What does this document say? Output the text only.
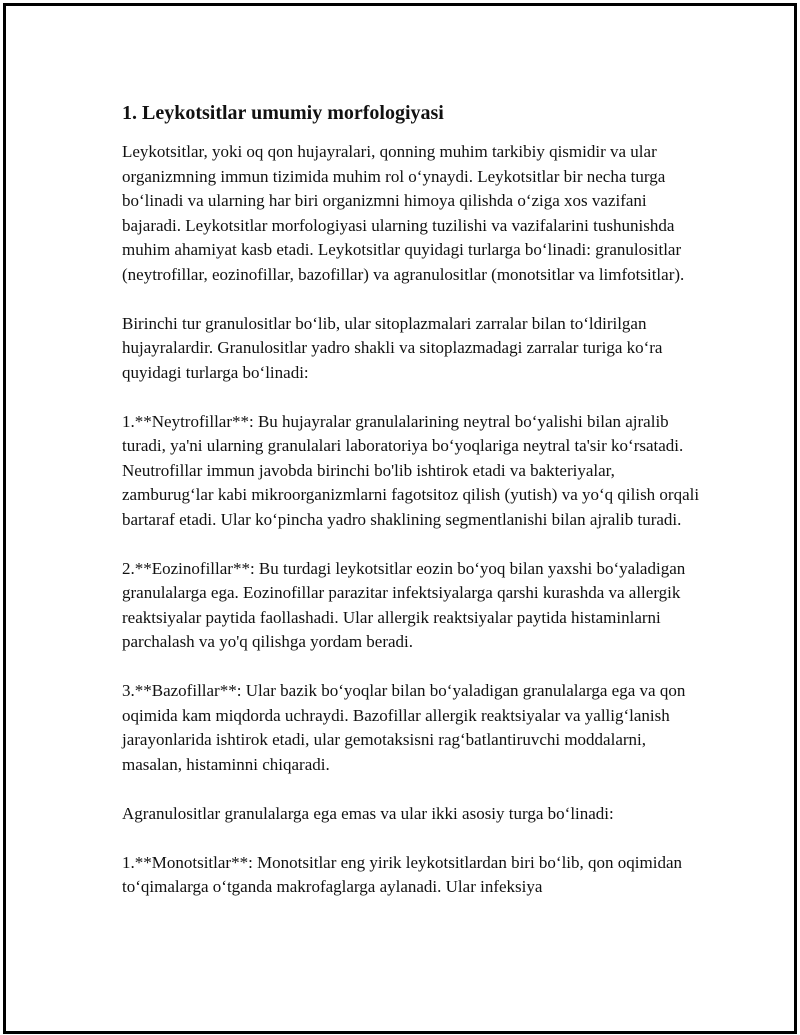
1. Leykotsitlar umumiy morfologiyasi

Leykotsitlar, yoki oq qon hujayralari, qonning muhim tarkibiy qismidir va ular organizmning immun tizimida muhim rol oʻynaydi. Leykotsitlar bir necha turga boʻlinadi va ularning har biri organizmni himoya qilishda oʻziga xos vazifani bajaradi. Leykotsitlar morfologiyasi ularning tuzilishi va vazifalarini tushunishda muhim ahamiyat kasb etadi. Leykotsitlar quyidagi turlarga boʻlinadi: granulositlar (neytrofillar, eozinofillar, bazofillar) va agranulositlar (monotsitlar va limfotsitlar).

Birinchi tur granulositlar boʻlib, ular sitoplazmalari zarralar bilan toʻldirilgan hujayralardir. Granulositlar yadro shakli va sitoplazmadagi zarralar turiga koʻra quyidagi turlarga boʻlinadi:

1.**Neytrofillar**: Bu hujayralar granulalarining neytral boʻyalishi bilan ajralib turadi, ya'ni ularning granulalari laboratoriya boʻyoqlariga neytral ta'sir koʻrsatadi. Neutrofillar immun javobda birinchi bo'lib ishtirok etadi va bakteriyalar, zamburugʻlar kabi mikroorganizmlarni fagotsitoz qilish (yutish) va yoʻq qilish orqali bartaraf etadi. Ular koʻpincha yadro shaklining segmentlanishi bilan ajralib turadi.

2.**Eozinofillar**: Bu turdagi leykotsitlar eozin boʻyoq bilan yaxshi boʻyaladigan granulalarga ega. Eozinofillar parazitar infektsiyalarga qarshi kurashda va allergik reaktsiyalar paytida faollashadi. Ular allergik reaktsiyalar paytida histaminlarni parchalash va yo'q qilishga yordam beradi.

3.**Bazofillar**: Ular bazik boʻyoqlar bilan boʻyaladigan granulalarga ega va qon oqimida kam miqdorda uchraydi. Bazofillar allergik reaktsiyalar va yalligʻlanish jarayonlarida ishtirok etadi, ular gemotaksisni ragʻbatlantiruvchi moddalarni, masalan, histaminni chiqaradi.

Agranulositlar granulalarga ega emas va ular ikki asosiy turga boʻlinadi:

1.**Monotsitlar**: Monotsitlar eng yirik leykotsitlardan biri boʻlib, qon oqimidan toʻqimalarga oʻtganda makrofaglarga aylanadi. Ular infeksiya
